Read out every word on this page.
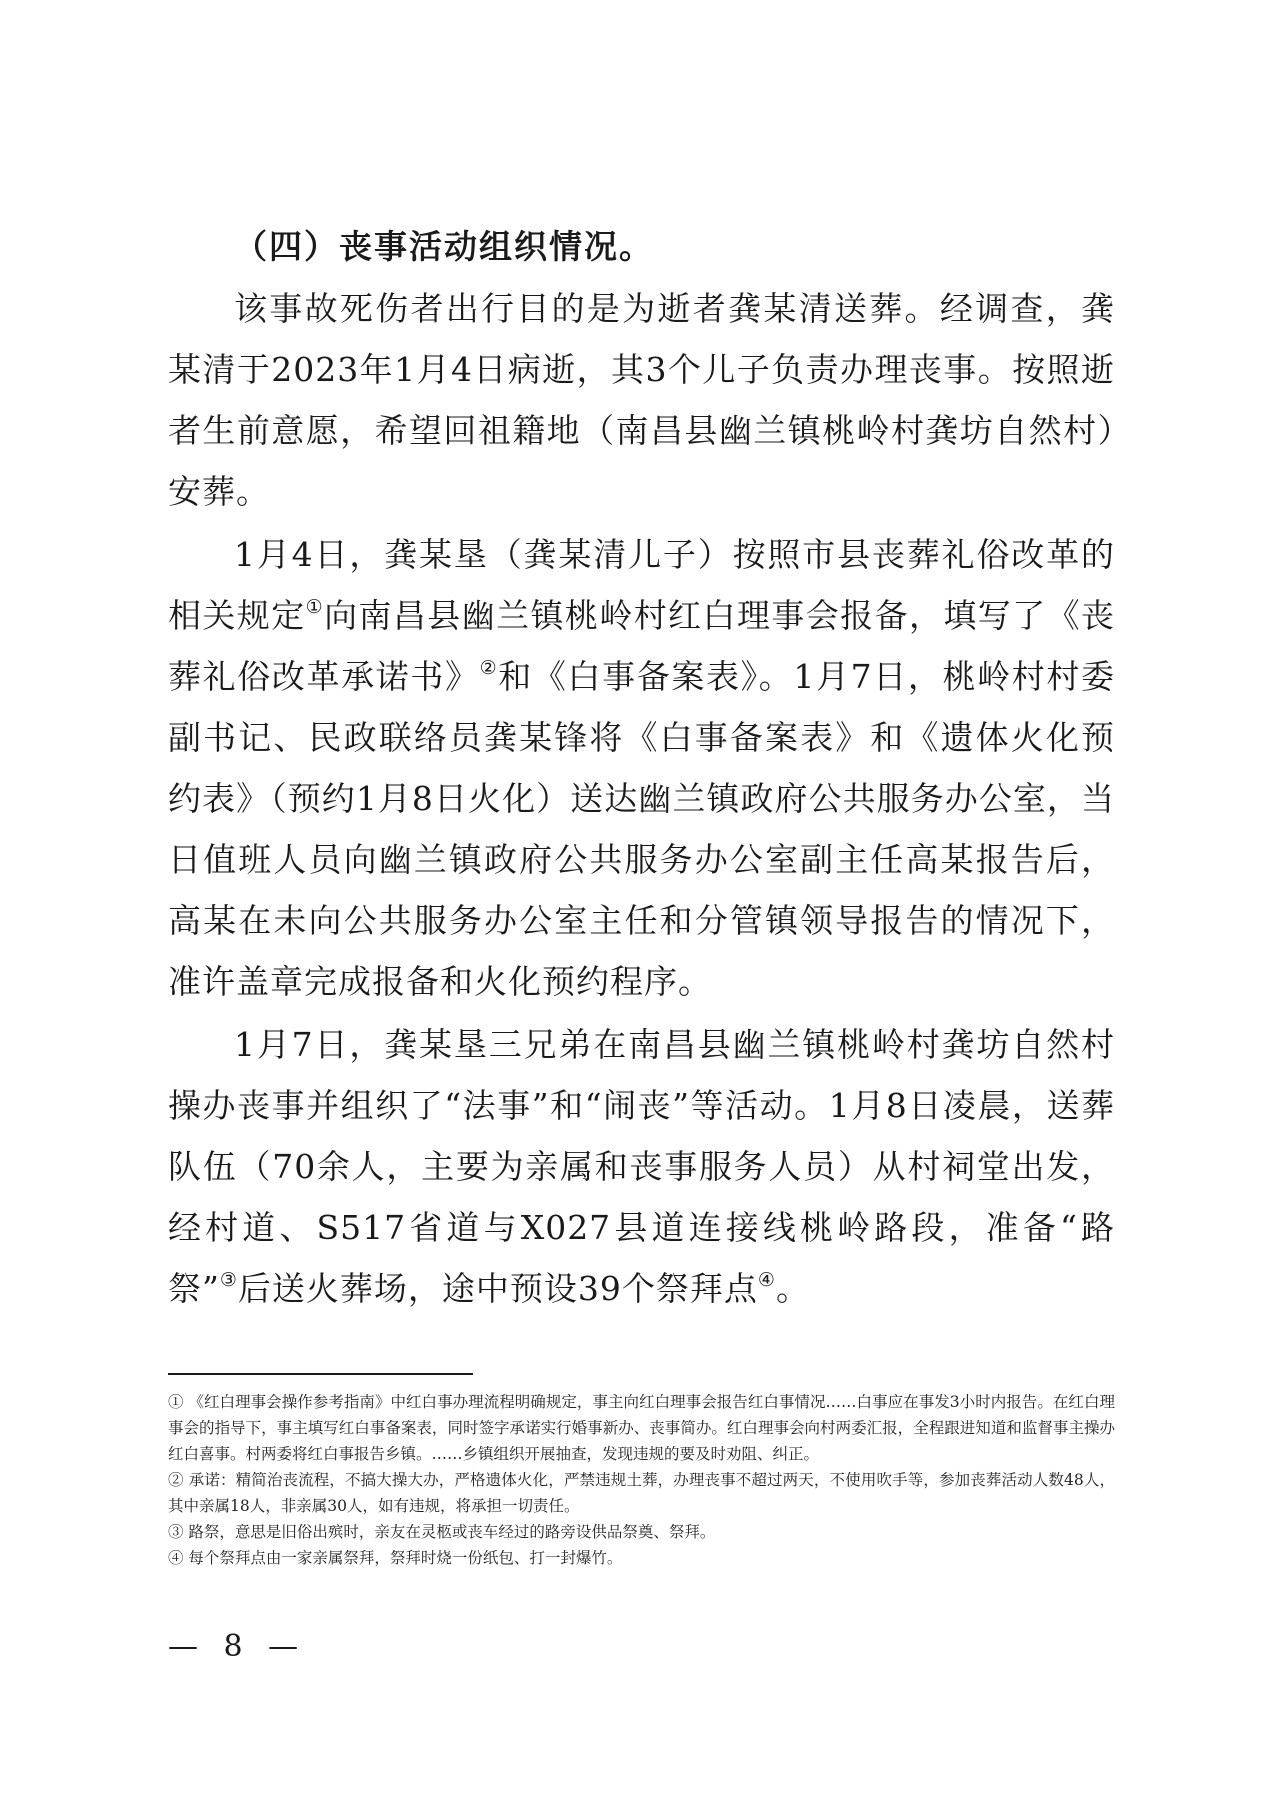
（四）丧事活动组织情况。

该事故死伤者出行目的是为逝者龚某清送葬。经调查，龚某清于2023年1月4日病逝，其3个儿子负责办理丧事。按照逝者生前意愿，希望回祖籍地（南昌县幽兰镇桃岭村龚坊自然村）安葬。

1月4日，龚某垦（龚某清儿子）按照市县丧葬礼俗改革的相关规定①向南昌县幽兰镇桃岭村红白理事会报备，填写了《丧葬礼俗改革承诺书》②和《白事备案表》。1月7日，桃岭村村委副书记、民政联络员龚某锋将《白事备案表》和《遗体火化预约表》（预约1月8日火化）送达幽兰镇政府公共服务办公室，当日值班人员向幽兰镇政府公共服务办公室副主任高某报告后，高某在未向公共服务办公室主任和分管镇领导报告的情况下，准许盖章完成报备和火化预约程序。

1月7日，龚某垦三兄弟在南昌县幽兰镇桃岭村龚坊自然村操办丧事并组织了“法事”和“闹丧”等活动。1月8日凌晨，送葬队伍（70余人，主要为亲属和丧事服务人员）从村祠堂出发，经村道、S517省道与X027县道连接线桃岭路段，准备“路祭”③后送火葬场，途中预设39个祭拜点④。

① 《红白理事会操作参考指南》中红白事办理流程明确规定，事主向红白理事会报告红白事情况……白事应在事发3小时内报告。在红白理事会的指导下，事主填写红白事备案表，同时签字承诺实行婚事新办、丧事简办。红白理事会向村两委汇报，全程跟进知道和监督事主操办红白喜事。村两委将红白事报告乡镇。……乡镇组织开展抽查，发现违规的要及时劝阻、纠正。

② 承诺：精简治丧流程，不搞大操大办，严格遗体火化，严禁违规土葬，办理丧事不超过两天，不使用吹手等，参加丧葬活动人数48人，其中亲属18人，非亲属30人，如有违规，将承担一切责任。

③ 路祭，意思是旧俗出殡时，亲友在灵柩或丧车经过的路旁设供品祭奠、祭拜。

④ 每个祭拜点由一家亲属祭拜，祭拜时烧一份纸包、打一封爆竹。

— 8 —
